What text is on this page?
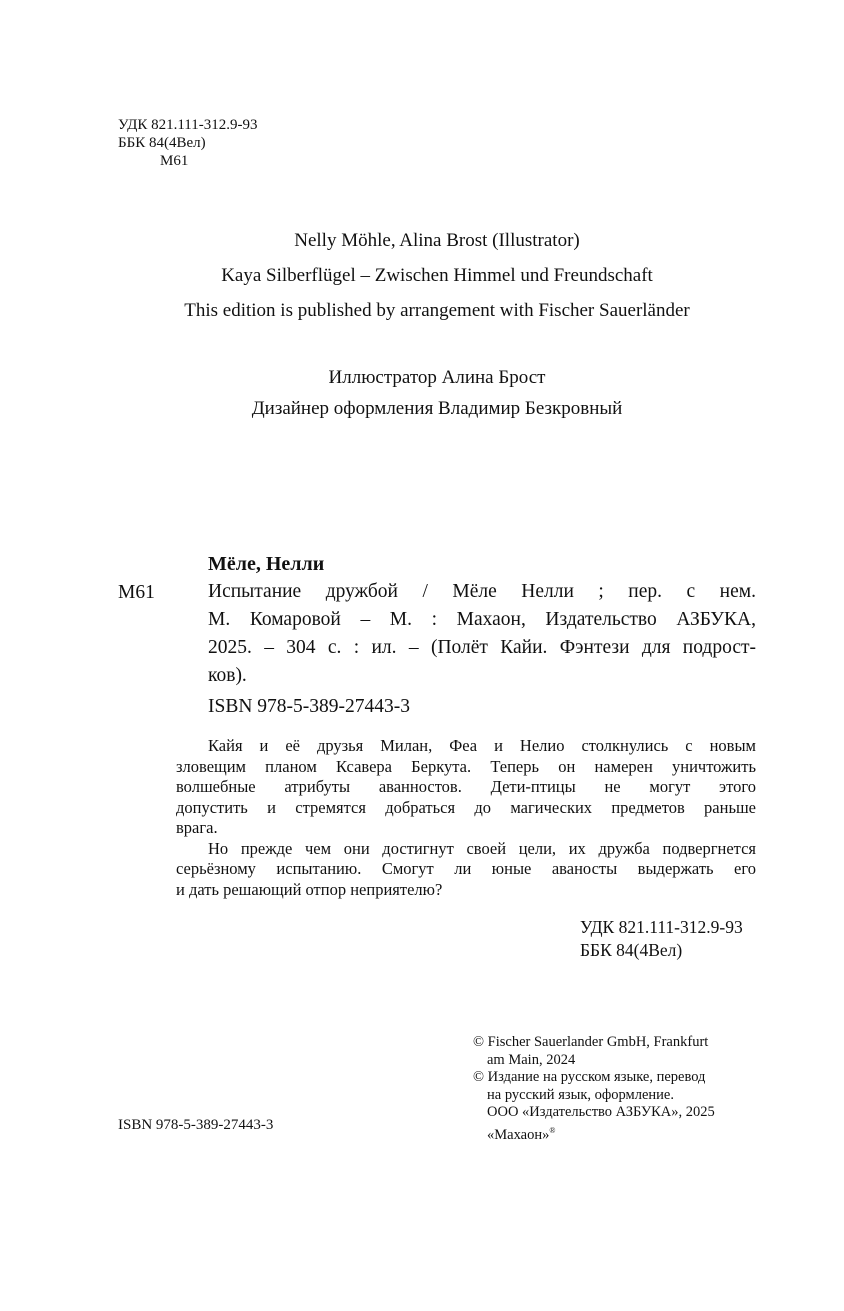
УДК 821.111-312.9-93
ББК 84(4Вел)
М61
Nelly Möhle, Alina Brost (Illustrator)
Kaya Silberflügel – Zwischen Himmel und Freundschaft
This edition is published by arrangement with Fischer Sauerländer
Иллюстратор Алина Брост
Дизайнер оформления Владимир Безкровный
Мёле, Нелли
М61	Испытание дружбой / Мёле Нелли ; пер. с нем.
М. Комаровой – М. : Махаон, Издательство АЗБУКА,
2025. – 304 с. : ил. – (Полёт Кайи. Фэнтези для подрост-
ков).
ISBN 978-5-389-27443-3
Кайя и её друзья Милан, Феа и Нелио столкнулись с новым
зловещим планом Ксавера Беркута. Теперь он намерен уничтожить
волшебные атрибуты аванностов. Дети-птицы не могут этого
допустить и стремятся добраться до магических предметов раньше
врага.
Но прежде чем они достигнут своей цели, их дружба подвергнется
серьёзному испытанию. Смогут ли юные аваносты выдержать его
и дать решающий отпор неприятелю?
УДК 821.111-312.9-93
ББК 84(4Вел)
© Fischer Sauerlander GmbH, Frankfurt
am Main, 2024
© Издание на русском языке, перевод
на русский язык, оформление.
ООО «Издательство АЗБУКА», 2025
«Махаон»®
ISBN 978-5-389-27443-3
